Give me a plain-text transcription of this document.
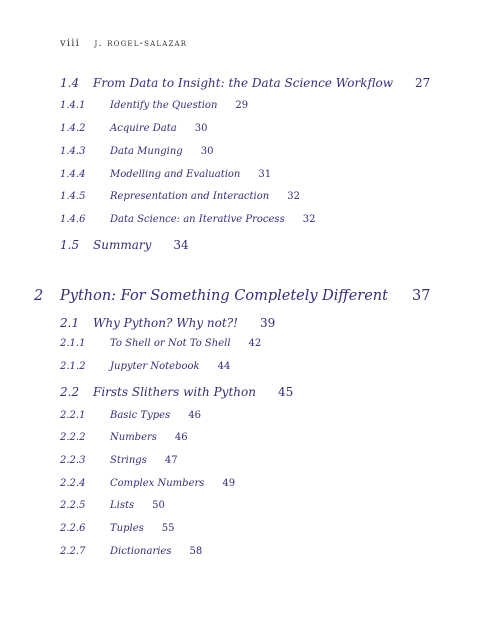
viii j. rogel-salazar
1.4 From Data to Insight: the Data Science Workflow 27
1.4.1 Identify the Question 29
1.4.2 Acquire Data 30
1.4.3 Data Munging 30
1.4.4 Modelling and Evaluation 31
1.4.5 Representation and Interaction 32
1.4.6 Data Science: an Iterative Process 32
1.5 Summary 34
2 Python: For Something Completely Different 37
2.1 Why Python? Why not?! 39
2.1.1 To Shell or Not To Shell 42
2.1.2 Jupyter Notebook 44
2.2 Firsts Slithers with Python 45
2.2.1 Basic Types 46
2.2.2 Numbers 46
2.2.3 Strings 47
2.2.4 Complex Numbers 49
2.2.5 Lists 50
2.2.6 Tuples 55
2.2.7 Dictionaries 58
